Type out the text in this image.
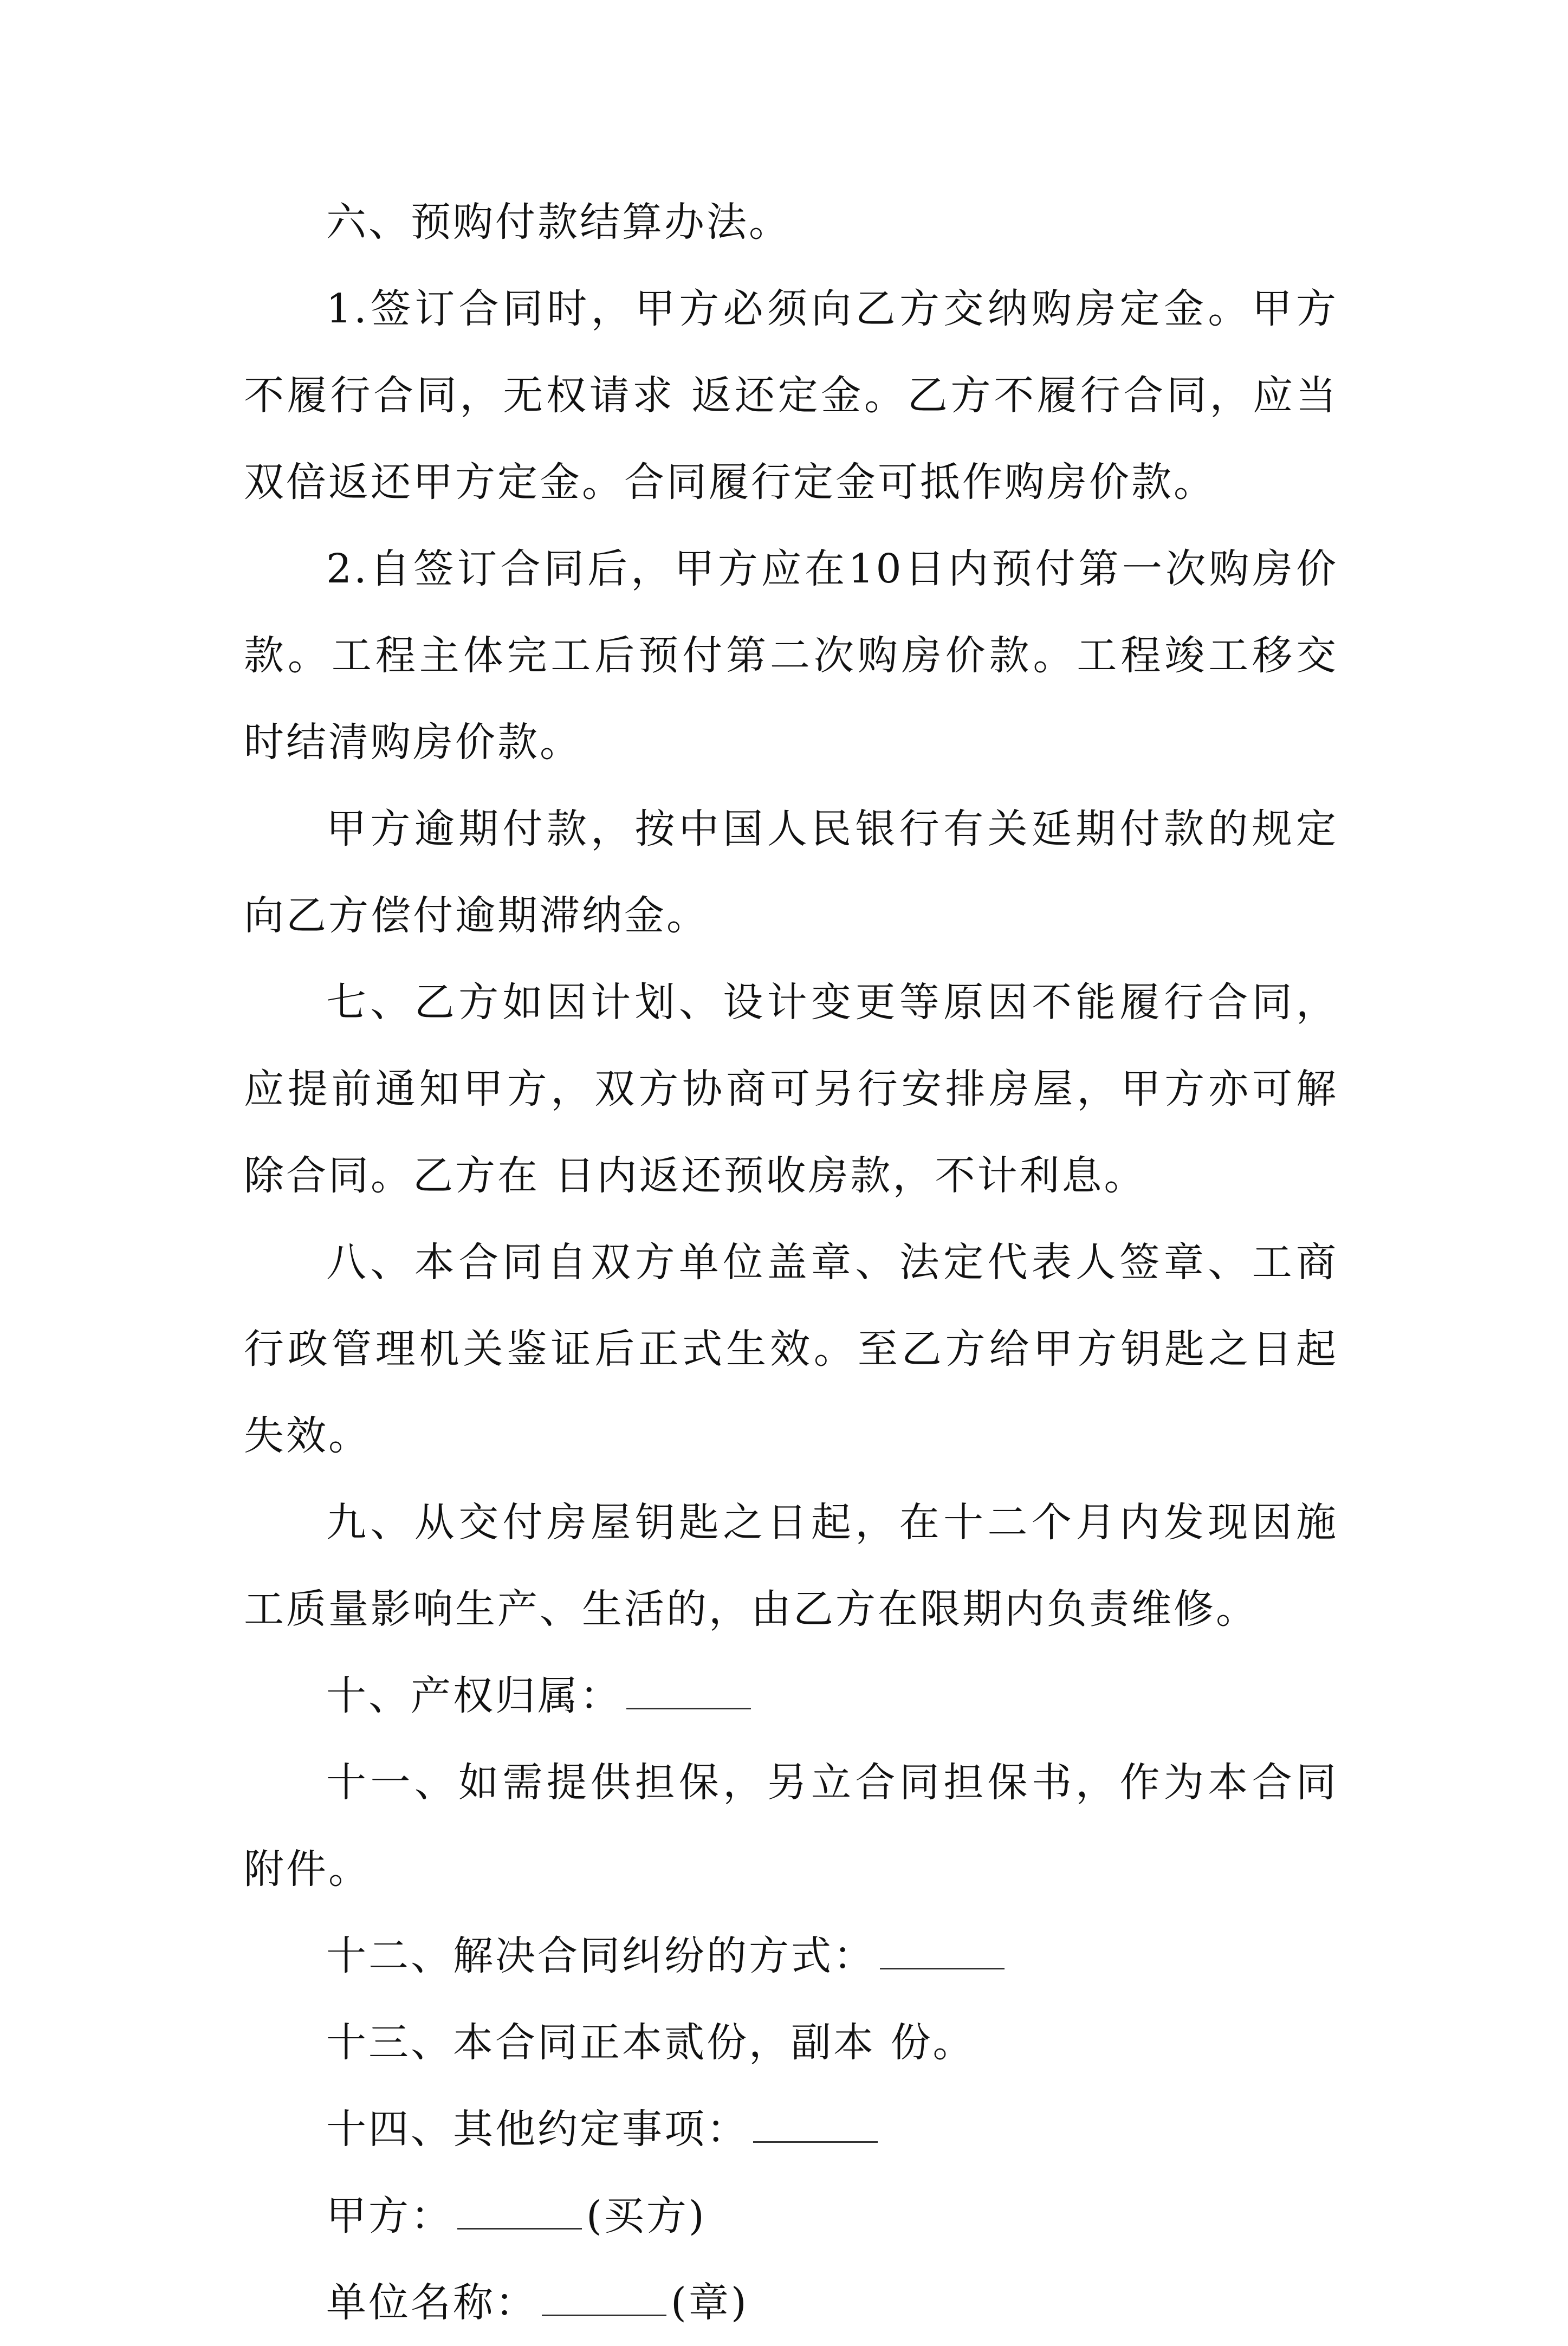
六、预购付款结算办法。

1.签订合同时，甲方必须向乙方交纳购房定金。甲方不履行合同，无权请求 返还定金。乙方不履行合同，应当双倍返还甲方定金。合同履行定金可抵作购房价款。

2.自签订合同后，甲方应在10日内预付第一次购房价款。工程主体完工后预付第二次购房价款。工程竣工移交时结清购房价款。

甲方逾期付款，按中国人民银行有关延期付款的规定向乙方偿付逾期滞纳金。

七、乙方如因计划、设计变更等原因不能履行合同，应提前通知甲方，双方协商可另行安排房屋，甲方亦可解除合同。乙方在 日内返还预收房款，不计利息。

八、本合同自双方单位盖章、法定代表人签章、工商行政管理机关鉴证后正式生效。至乙方给甲方钥匙之日起失效。

九、从交付房屋钥匙之日起，在十二个月内发现因施工质量影响生产、生活的，由乙方在限期内负责维修。

十、产权归属：

十一、如需提供担保，另立合同担保书，作为本合同附件。

十二、解决合同纠纷的方式：

十三、本合同正本贰份，副本 份。

十四、其他约定事项：

甲方：	(买方)

单位名称：	(章)
